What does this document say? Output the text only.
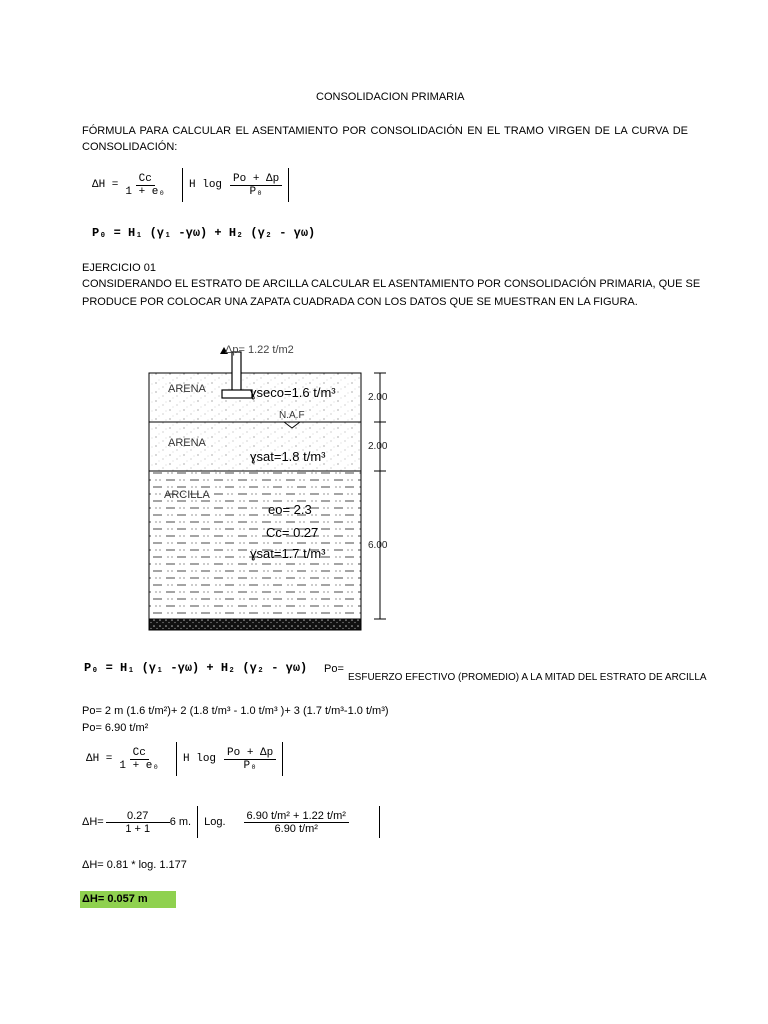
CONSOLIDACION PRIMARIA
FÓRMULA PARA CALCULAR EL ASENTAMIENTO POR CONSOLIDACIÓN EN EL TRAMO VIRGEN DE LA CURVA DE
CONSOLIDACIÓN:
$\Delta H = \frac{Cc}{\text{1 + e₀}}$ H $\log \frac{Po + \Delta p}{\text{P₀}}$
P₀ = H₁ (γ₁ -γω) + H₂ (γ₂ - γω)
EJERCICIO 01
CONSIDERANDO EL ESTRATO DE ARCILLA CALCULAR EL ASENTAMIENTO POR CONSOLIDACIÓN PRIMARIA, QUE SE
PRODUCE POR COLOCAR UNA ZAPATA CUADRADA CON LOS DATOS QUE SE MUESTRAN EN LA FIGURA.
Δp= 1.22 t/m2
ARENA	ɣseco=1.6 t/m³
N.A.F
ARENA
ɣsat=1.8 t/m³
ARCILLA
eo= 2.3
Cc= 0.27
ɣsat=1.7 t/m³
2.00
2.00
6.00
P₀ = H₁ (γ₁ -γω) + H₂ (γ₂ - γω) Po=
ESFUERZO EFECTIVO (PROMEDIO) A LA MITAD DEL ESTRATO DE ARCILLA
Po= 2 m (1.6 t/m²)+ 2 (1.8 t/m³ - 1.0 t/m³ )+ 3 (1.7 t/m³-1.0 t/m³)
Po= 6.90 t/m²
$\Delta H = \frac{Cc}{\text{1 + e₀}}$ H $\log \frac{Po + \Delta p}{\text{P₀}}$
$\Delta H= \frac{0.27}{1 + 1} 6$ m. Log. $\frac{\text{6.90 t/m² + 1.22 t/m²}}{\text{6.90 t/m²}}$
ΔH= 0.81 * log. 1.177
ΔH= 0.057 m
